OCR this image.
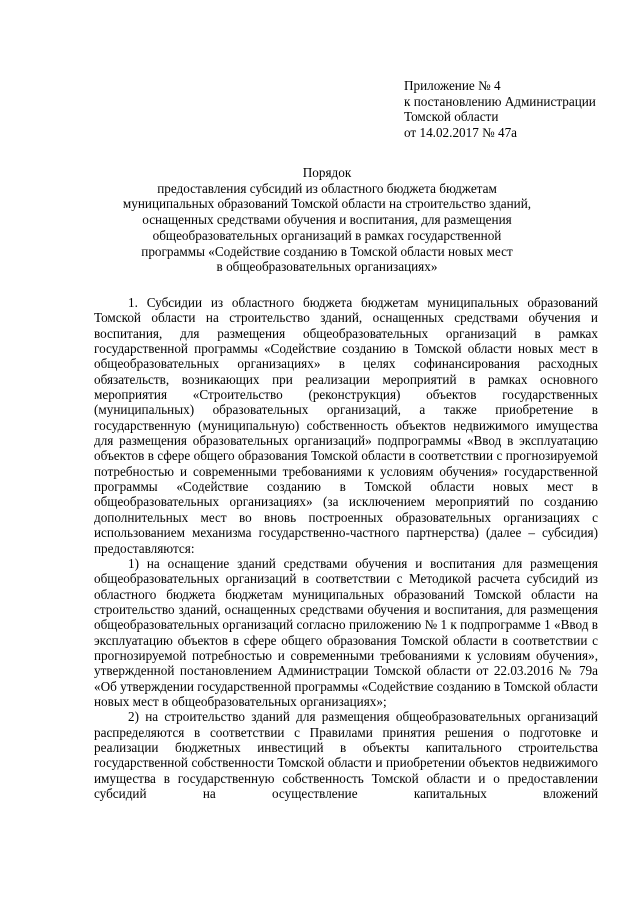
Приложение № 4
к постановлению Администрации
Томской области
от 14.02.2017 № 47а
Порядок
предоставления субсидий из областного бюджета бюджетам
муниципальных образований Томской области на строительство зданий,
оснащенных средствами обучения и воспитания, для размещения
общеобразовательных организаций в рамках государственной
программы «Содействие созданию в Томской области новых мест
в общеобразовательных организациях»
1. Субсидии из областного бюджета бюджетам муниципальных образований Томской области на строительство зданий, оснащенных средствами обучения и воспитания, для размещения общеобразовательных организаций в рамках государственной программы «Содействие созданию в Томской области новых мест в общеобразовательных организациях» в целях софинансирования расходных обязательств, возникающих при реализации мероприятий в рамках основного мероприятия «Строительство (реконструкция) объектов государственных (муниципальных) образовательных организаций, а также приобретение в государственную (муниципальную) собственность объектов недвижимого имущества для размещения образовательных организаций» подпрограммы «Ввод в эксплуатацию объектов в сфере общего образования Томской области в соответствии с прогнозируемой потребностью и современными требованиями к условиям обучения» государственной программы «Содействие созданию в Томской области новых мест в общеобразовательных организациях» (за исключением мероприятий по созданию дополнительных мест во вновь построенных образовательных организациях с использованием механизма государственно-частного партнерства) (далее – субсидия) предоставляются:
1) на оснащение зданий средствами обучения и воспитания для размещения общеобразовательных организаций в соответствии с Методикой расчета субсидий из областного бюджета бюджетам муниципальных образований Томской области на строительство зданий, оснащенных средствами обучения и воспитания, для размещения общеобразовательных организаций согласно приложению № 1 к подпрограмме 1 «Ввод в эксплуатацию объектов в сфере общего образования Томской области в соответствии с прогнозируемой потребностью и современными требованиями к условиям обучения», утвержденной постановлением Администрации Томской области от 22.03.2016 № 79а «Об утверждении государственной программы «Содействие созданию в Томской области новых мест в общеобразовательных организациях»;
2) на строительство зданий для размещения общеобразовательных организаций распределяются в соответствии с Правилами принятия решения о подготовке и реализации бюджетных инвестиций в объекты капитального строительства государственной собственности Томской области и приобретении объектов недвижимого имущества в государственную собственность Томской области и о предоставлении субсидий на осуществление капитальных вложений
